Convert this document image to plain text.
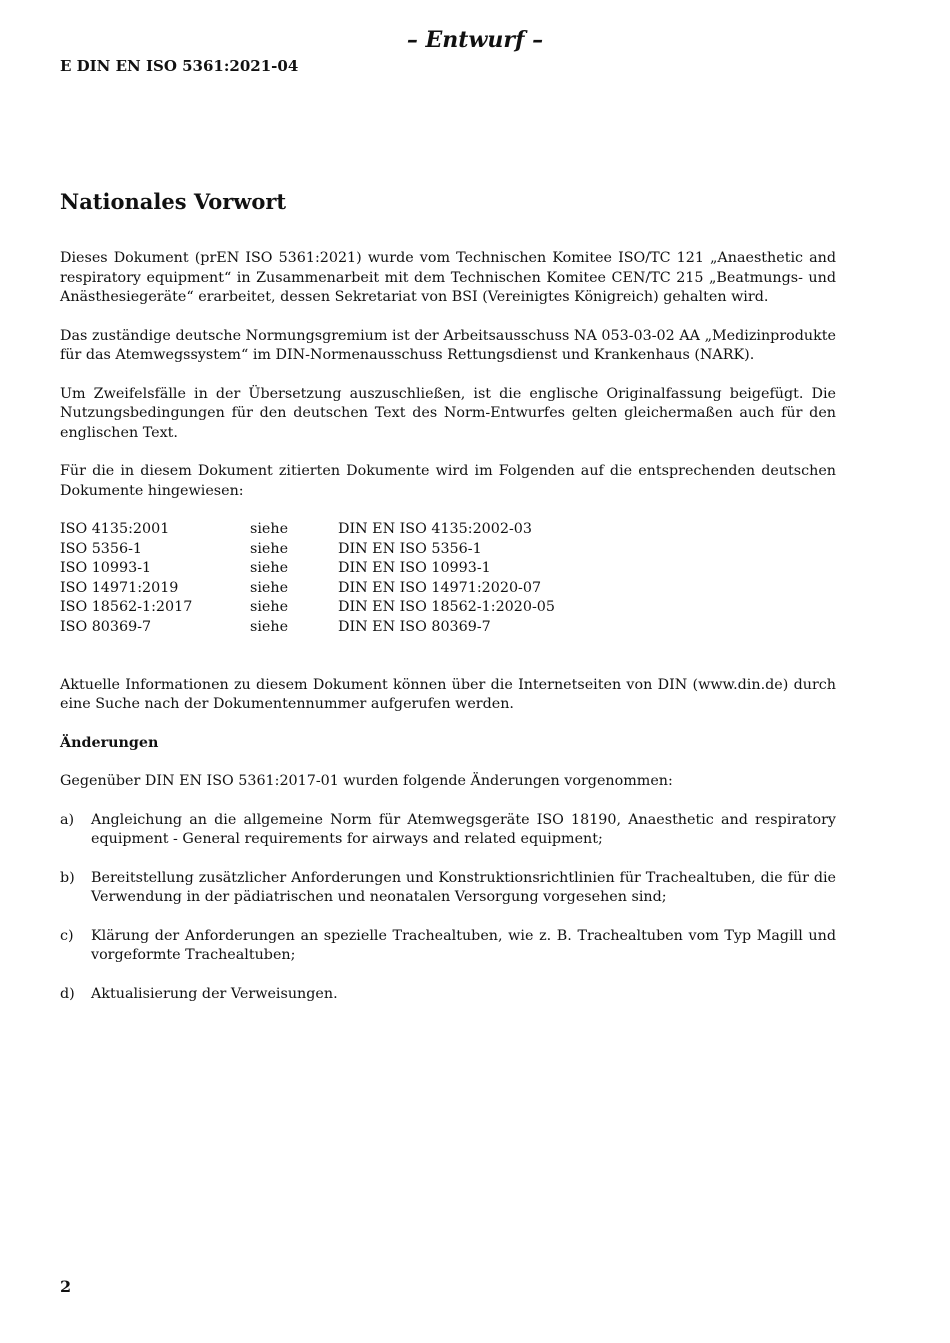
– Entwurf –
E DIN EN ISO 5361:2021-04
Nationales Vorwort

Dieses Dokument (prEN ISO 5361:2021) wurde vom Technischen Komitee ISO/TC 121 „Anaesthetic and respiratory equipment“ in Zusammenarbeit mit dem Technischen Komitee CEN/TC 215 „Beatmungs- und Anästhesiegeräte“ erarbeitet, dessen Sekretariat von BSI (Vereinigtes Königreich) gehalten wird.

Das zuständige deutsche Normungsgremium ist der Arbeitsausschuss NA 053-03-02 AA „Medizinprodukte für das Atemwegssystem“ im DIN-Normenausschuss Rettungsdienst und Krankenhaus (NARK).

Um Zweifelsfälle in der Übersetzung auszuschließen, ist die englische Originalfassung beigefügt. Die Nutzungsbedingungen für den deutschen Text des Norm-Entwurfes gelten gleichermaßen auch für den englischen Text.

Für die in diesem Dokument zitierten Dokumente wird im Folgenden auf die entsprechenden deutschen Dokumente hingewiesen:

ISO 4135:2001	siehe	DIN EN ISO 4135:2002-03
ISO 5356-1	siehe	DIN EN ISO 5356-1
ISO 10993-1	siehe	DIN EN ISO 10993-1
ISO 14971:2019	siehe	DIN EN ISO 14971:2020-07
ISO 18562-1:2017	siehe	DIN EN ISO 18562-1:2020-05
ISO 80369-7	siehe	DIN EN ISO 80369-7

Aktuelle Informationen zu diesem Dokument können über die Internetseiten von DIN (www.din.de) durch eine Suche nach der Dokumentennummer aufgerufen werden.

Änderungen

Gegenüber DIN EN ISO 5361:2017-01 wurden folgende Änderungen vorgenommen:

a) Angleichung an die allgemeine Norm für Atemwegsgeräte ISO 18190, Anaesthetic and respiratory equipment - General requirements for airways and related equipment;
b) Bereitstellung zusätzlicher Anforderungen und Konstruktionsrichtlinien für Trachealtuben, die für die Verwendung in der pädiatrischen und neonatalen Versorgung vorgesehen sind;
c) Klärung der Anforderungen an spezielle Trachealtuben, wie z. B. Trachealtuben vom Typ Magill und vorgeformte Trachealtuben;
d) Aktualisierung der Verweisungen.
2
